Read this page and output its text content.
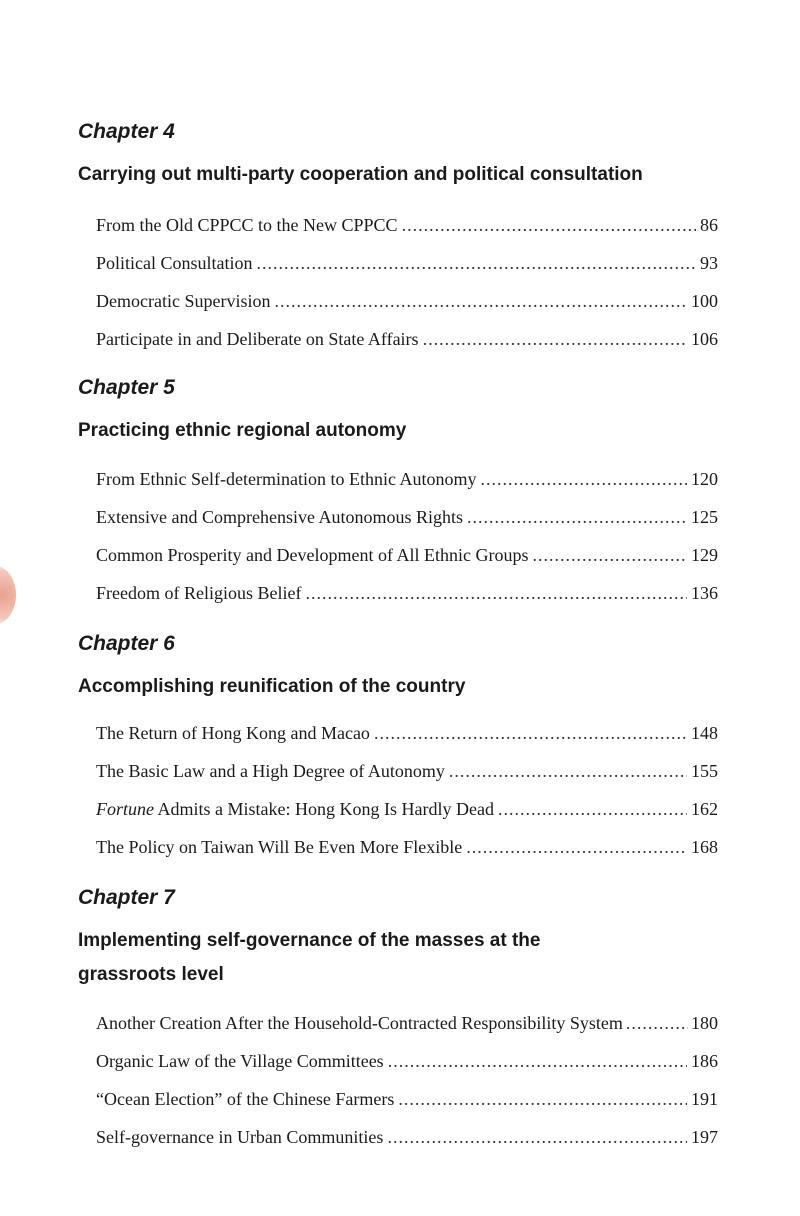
Chapter 4
Carrying out multi-party cooperation and political consultation
From the Old CPPCC to the New CPPCC .....	86
Political Consultation .....	93
Democratic Supervision .....	100
Participate in and Deliberate on State Affairs .....	106
Chapter 5
Practicing ethnic regional autonomy
From Ethnic Self-determination to Ethnic Autonomy .....	120
Extensive and Comprehensive Autonomous Rights .....	125
Common Prosperity and Development of All Ethnic Groups .....	129
Freedom of Religious Belief .....	136
Chapter 6
Accomplishing reunification of the country
The Return of Hong Kong and Macao .....	148
The Basic Law and a High Degree of Autonomy .....	155
Fortune Admits a Mistake: Hong Kong Is Hardly Dead .....	162
The Policy on Taiwan Will Be Even More Flexible .....	168
Chapter 7
Implementing self-governance of the masses at the
grassroots level
Another Creation After the Household-Contracted Responsibility System .....	180
Organic Law of the Village Committees .....	186
“Ocean Election” of the Chinese Farmers .....	191
Self-governance in Urban Communities .....	197
